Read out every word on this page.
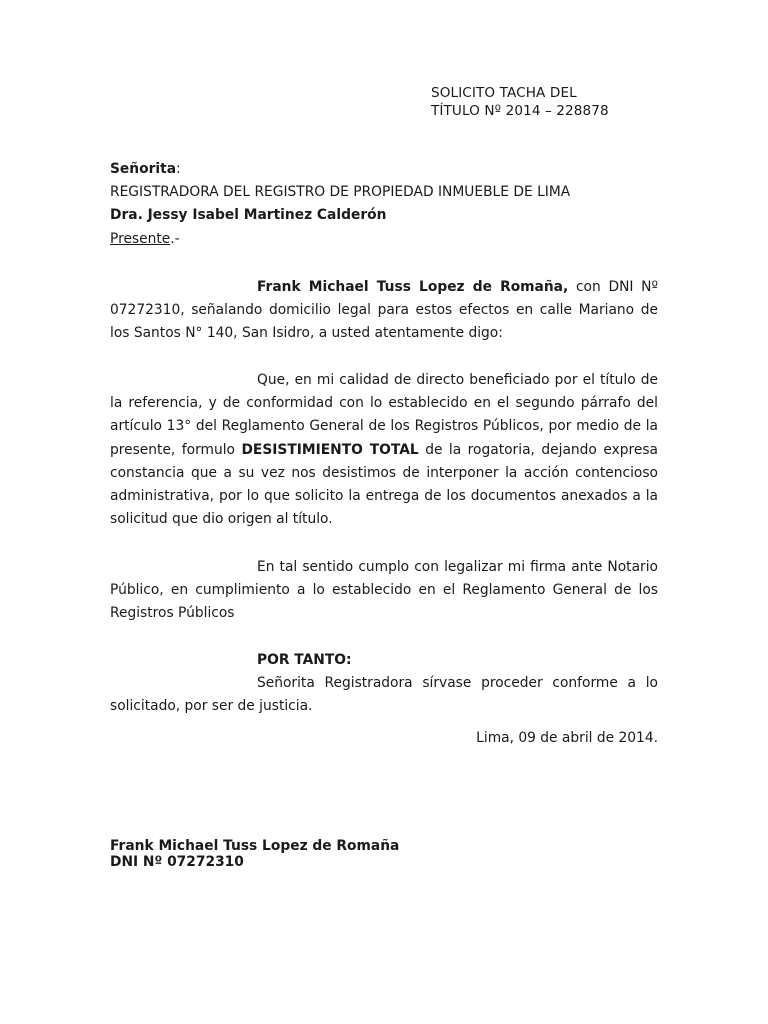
SOLICITO TACHA DEL
TÍTULO Nº 2014 – 228878
Señorita:
REGISTRADORA DEL REGISTRO DE PROPIEDAD INMUEBLE DE LIMA
Dra. Jessy Isabel Martinez Calderón
Presente.-
Frank Michael Tuss Lopez de Romaña, con DNI Nº 07272310, señalando domicilio legal para estos efectos en calle Mariano de los Santos N° 140, San Isidro, a usted atentamente digo:
Que, en mi calidad de directo beneficiado por el título de la referencia, y de conformidad con lo establecido en el segundo párrafo del artículo 13° del Reglamento General de los Registros Públicos, por medio de la presente, formulo DESISTIMIENTO TOTAL de la rogatoria, dejando expresa constancia que a su vez nos desistimos de interponer la acción contencioso administrativa, por lo que solicito la entrega de los documentos anexados a la solicitud que dio origen al título.
En tal sentido cumplo con legalizar mi firma ante Notario Público, en cumplimiento a lo establecido en el Reglamento General de los Registros Públicos
POR TANTO:
Señorita Registradora sírvase proceder conforme a lo solicitado, por ser de justicia.
Lima, 09 de abril de 2014.
Frank Michael Tuss Lopez de Romaña
DNI Nº 07272310
